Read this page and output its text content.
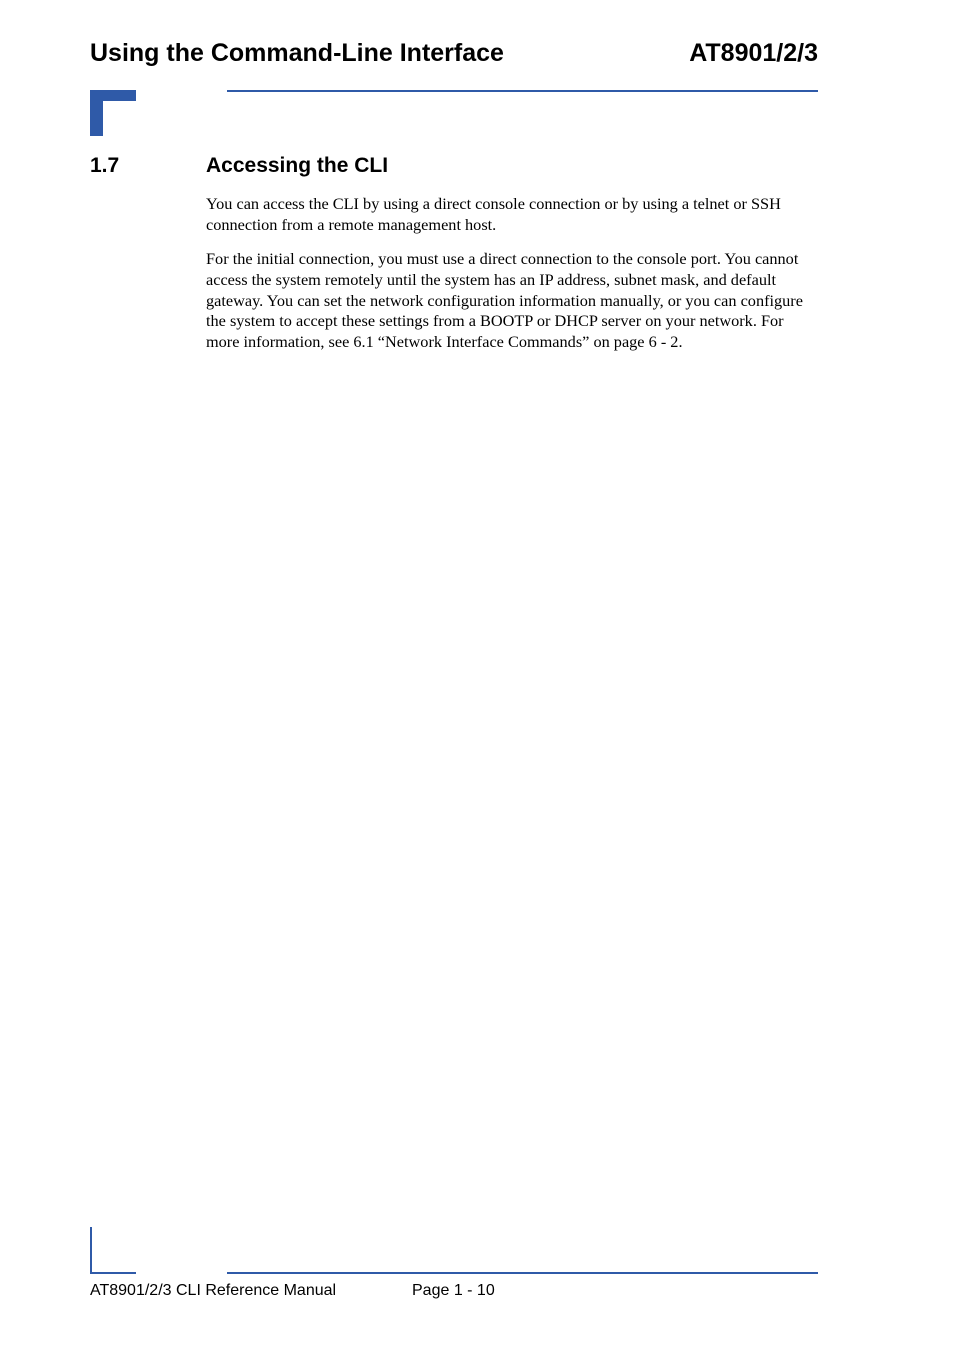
Using the Command-Line Interface	AT8901/2/3
1.7	Accessing the CLI

You can access the CLI by using a direct console connection or by using a telnet or SSH connection from a remote management host.

For the initial connection, you must use a direct connection to the console port. You cannot access the system remotely until the system has an IP address, subnet mask, and default gateway. You can set the network configuration information manually, or you can configure the system to accept these settings from a BOOTP or DHCP server on your network. For more information, see 6.1 “Network Interface Commands” on page 6 - 2.

AT8901/2/3 CLI Reference Manual	Page 1 - 10
